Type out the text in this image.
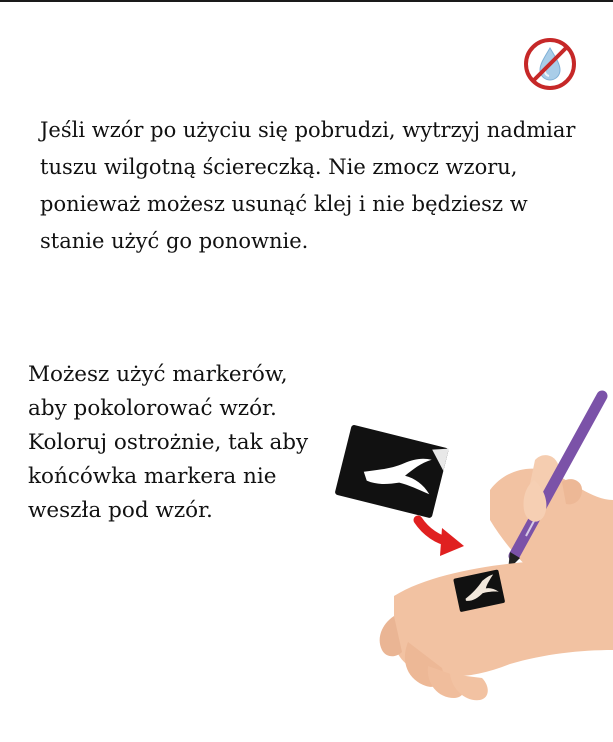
Jeśli wzór po użyciu się pobrudzi, wytrzyj nadmiar tuszu wilgotną ściereczką. Nie zmocz wzoru, ponieważ możesz usunąć klej i nie będziesz w stanie użyć go ponownie.

Możesz użyć markerów, aby pokolorować wzór. Koloruj ostrożnie, tak aby końcówka markera nie weszła pod wzór.
